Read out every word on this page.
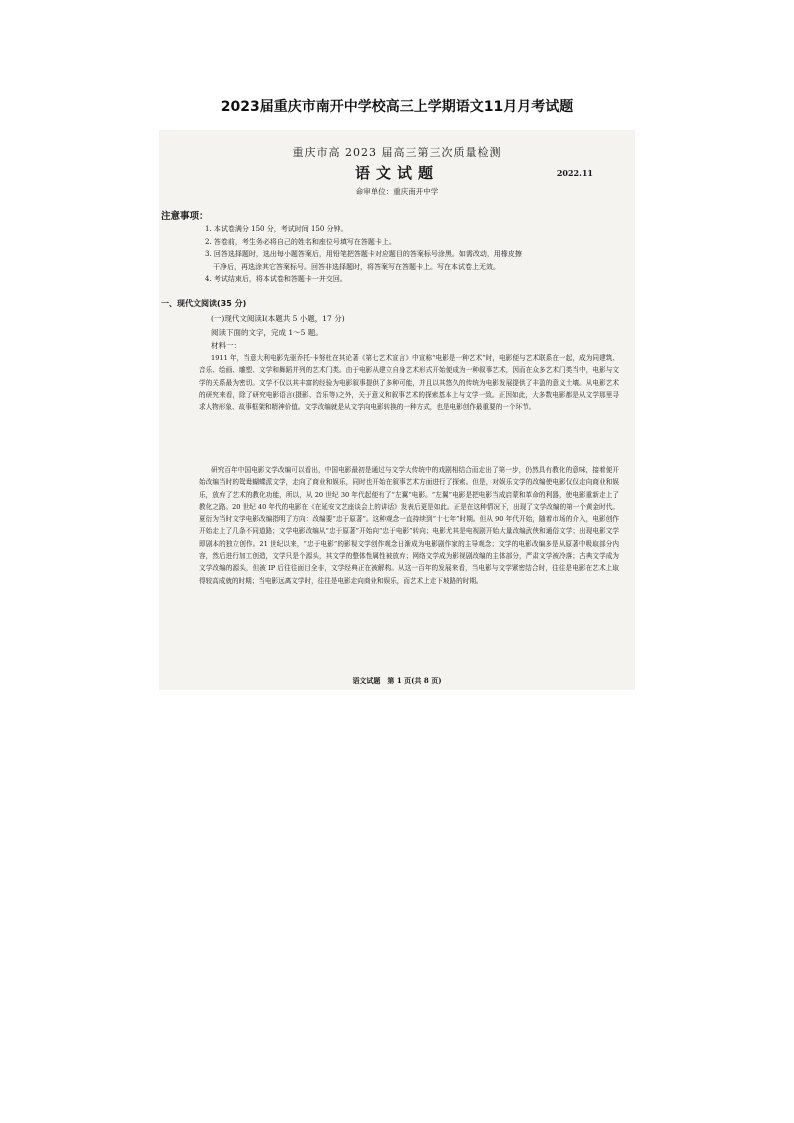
2023届重庆市南开中学校高三上学期语文11月月考试题
重庆市高 2023 届高三第三次质量检测
语文试题	2022.11
命审单位：重庆南开中学
注意事项：
1. 本试卷满分 150 分，考试时间 150 分钟。
2. 答卷前，考生务必将自己的姓名和座位号填写在答题卡上。
3. 回答选择题时，选出每小题答案后，用铅笔把答题卡对应题目的答案标号涂黑。如需改动，用橡皮擦
干净后，再选涂其它答案标号。回答非选择题时，将答案写在答题卡上。写在本试卷上无效。
4. 考试结束后，将本试卷和答题卡一并交回。
一、现代文阅读(35 分)
(一)现代文阅读Ⅰ(本题共 5 小题，17 分)
阅读下面的文字，完成 1～5 题。
材料一：
1911 年，当意大利电影先驱乔托·卡努杜在其论著《第七艺术宣言》中宣称“电影是一种艺术”时，电影便与艺术联系在一起，成为同建筑、音乐、绘画、雕塑、文学和舞蹈并列的艺术门类。由于电影从建立自身艺术形式开始便成为一种叙事艺术，因而在众多艺术门类当中，电影与文学的关系最为密切。文学不仅以其丰富的经验为电影叙事提供了多种可能，并且以其悠久的传统为电影发展提供了丰盈的意义土壤。从电影艺术的研究来看，除了研究电影语言(摄影、音乐等)之外，关于意义和叙事艺术的探索基本上与文学一致。正因如此，大多数电影都是从文学那里寻求人物形象、故事框架和精神价值。文学改编就是从文学向电影转换的一种方式，也是电影创作最重要的一个环节。
研究百年中国电影文学改编可以看出，中国电影最初是通过与文学大传统中的戏剧相结合而走出了第一步，仍然具有教化的意味，接着便开始改编当时的鸳鸯蝴蝶派文学，走向了商业和娱乐，同时也开始在叙事艺术方面进行了探索。但是，对娱乐文学的改编使电影仅仅走向商业和娱乐，放弃了艺术的教化功能，所以，从 20 世纪 30 年代起便有了“左翼”电影。“左翼”电影是把电影当成启蒙和革命的利器，使电影重新走上了教化之路。20 世纪 40 年代的电影在《在延安文艺座谈会上的讲话》发表后更是如此。正是在这种情况下，出现了文学改编的第一个黄金时代。夏衍为当时文学电影改编指明了方向：改编要“忠于原著”。这种观念一直持续到“十七年”时期。但从 90 年代开始，随着市场的介入，电影创作开始走上了几条不同道路；文学电影改编从“忠于原著”开始向“忠于电影”转向；电影尤其是电视剧开始大量改编武侠和通俗文学；出现电影文学即剧本的独立创作。21 世纪以来，“忠于电影”的影视文学创作观念日渐成为电影剧作家的主导观念；文学的电影改编多是从原著中吸取部分内容，然后进行加工创造，文学只是个源头，其文学的整体性属性被放弃；网络文学成为影视剧改编的主体部分，严肃文学被冷落；古典文学成为文学改编的源头，但被 IP 后往往面目全非，文学经典正在被解构。从这一百年的发展来看，当电影与文学紧密结合时，往往是电影在艺术上取得较高成就的时期；当电影远离文学时，往往是电影走向商业和娱乐，而艺术上走下坡路的时期。
语文试题　第 1 页(共 8 页)
